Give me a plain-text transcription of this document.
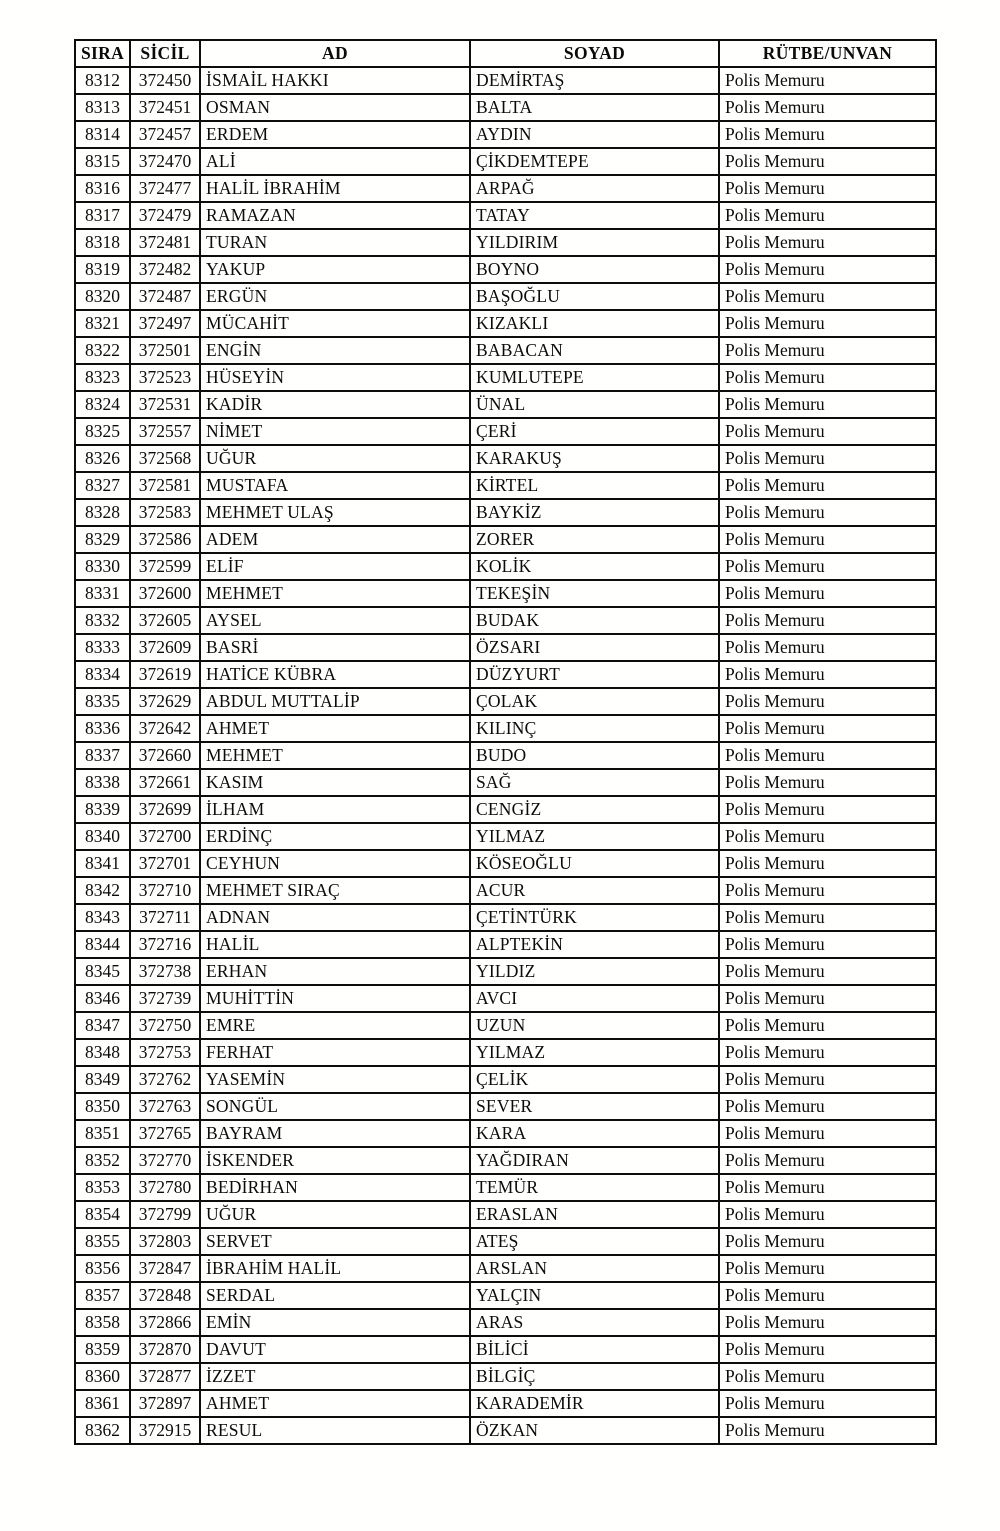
SIRA	SİCİL	AD	SOYAD	RÜTBE/UNVAN
8312	372450	İSMAİL HAKKI	DEMİRTAŞ	Polis Memuru
8313	372451	OSMAN	BALTA	Polis Memuru
8314	372457	ERDEM	AYDIN	Polis Memuru
8315	372470	ALİ	ÇİKDEMTEPE	Polis Memuru
8316	372477	HALİL İBRAHİM	ARPAĞ	Polis Memuru
8317	372479	RAMAZAN	TATAY	Polis Memuru
8318	372481	TURAN	YILDIRIM	Polis Memuru
8319	372482	YAKUP	BOYNO	Polis Memuru
8320	372487	ERGÜN	BAŞOĞLU	Polis Memuru
8321	372497	MÜCAHİT	KIZAKLI	Polis Memuru
8322	372501	ENGİN	BABACAN	Polis Memuru
8323	372523	HÜSEYİN	KUMLUTEPE	Polis Memuru
8324	372531	KADİR	ÜNAL	Polis Memuru
8325	372557	NİMET	ÇERİ	Polis Memuru
8326	372568	UĞUR	KARAKUŞ	Polis Memuru
8327	372581	MUSTAFA	KİRTEL	Polis Memuru
8328	372583	MEHMET ULAŞ	BAYKİZ	Polis Memuru
8329	372586	ADEM	ZORER	Polis Memuru
8330	372599	ELİF	KOLİK	Polis Memuru
8331	372600	MEHMET	TEKEŞİN	Polis Memuru
8332	372605	AYSEL	BUDAK	Polis Memuru
8333	372609	BASRİ	ÖZSARI	Polis Memuru
8334	372619	HATİCE KÜBRA	DÜZYURT	Polis Memuru
8335	372629	ABDUL MUTTALİP	ÇOLAK	Polis Memuru
8336	372642	AHMET	KILINÇ	Polis Memuru
8337	372660	MEHMET	BUDO	Polis Memuru
8338	372661	KASIM	SAĞ	Polis Memuru
8339	372699	İLHAM	CENGİZ	Polis Memuru
8340	372700	ERDİNÇ	YILMAZ	Polis Memuru
8341	372701	CEYHUN	KÖSEOĞLU	Polis Memuru
8342	372710	MEHMET SIRAÇ	ACUR	Polis Memuru
8343	372711	ADNAN	ÇETİNTÜRK	Polis Memuru
8344	372716	HALİL	ALPTEKİN	Polis Memuru
8345	372738	ERHAN	YILDIZ	Polis Memuru
8346	372739	MUHİTTİN	AVCI	Polis Memuru
8347	372750	EMRE	UZUN	Polis Memuru
8348	372753	FERHAT	YILMAZ	Polis Memuru
8349	372762	YASEMİN	ÇELİK	Polis Memuru
8350	372763	SONGÜL	SEVER	Polis Memuru
8351	372765	BAYRAM	KARA	Polis Memuru
8352	372770	İSKENDER	YAĞDIRAN	Polis Memuru
8353	372780	BEDİRHAN	TEMÜR	Polis Memuru
8354	372799	UĞUR	ERASLAN	Polis Memuru
8355	372803	SERVET	ATEŞ	Polis Memuru
8356	372847	İBRAHİM HALİL	ARSLAN	Polis Memuru
8357	372848	SERDAL	YALÇIN	Polis Memuru
8358	372866	EMİN	ARAS	Polis Memuru
8359	372870	DAVUT	BİLİCİ	Polis Memuru
8360	372877	İZZET	BİLGİÇ	Polis Memuru
8361	372897	AHMET	KARADEMİR	Polis Memuru
8362	372915	RESUL	ÖZKAN	Polis Memuru
